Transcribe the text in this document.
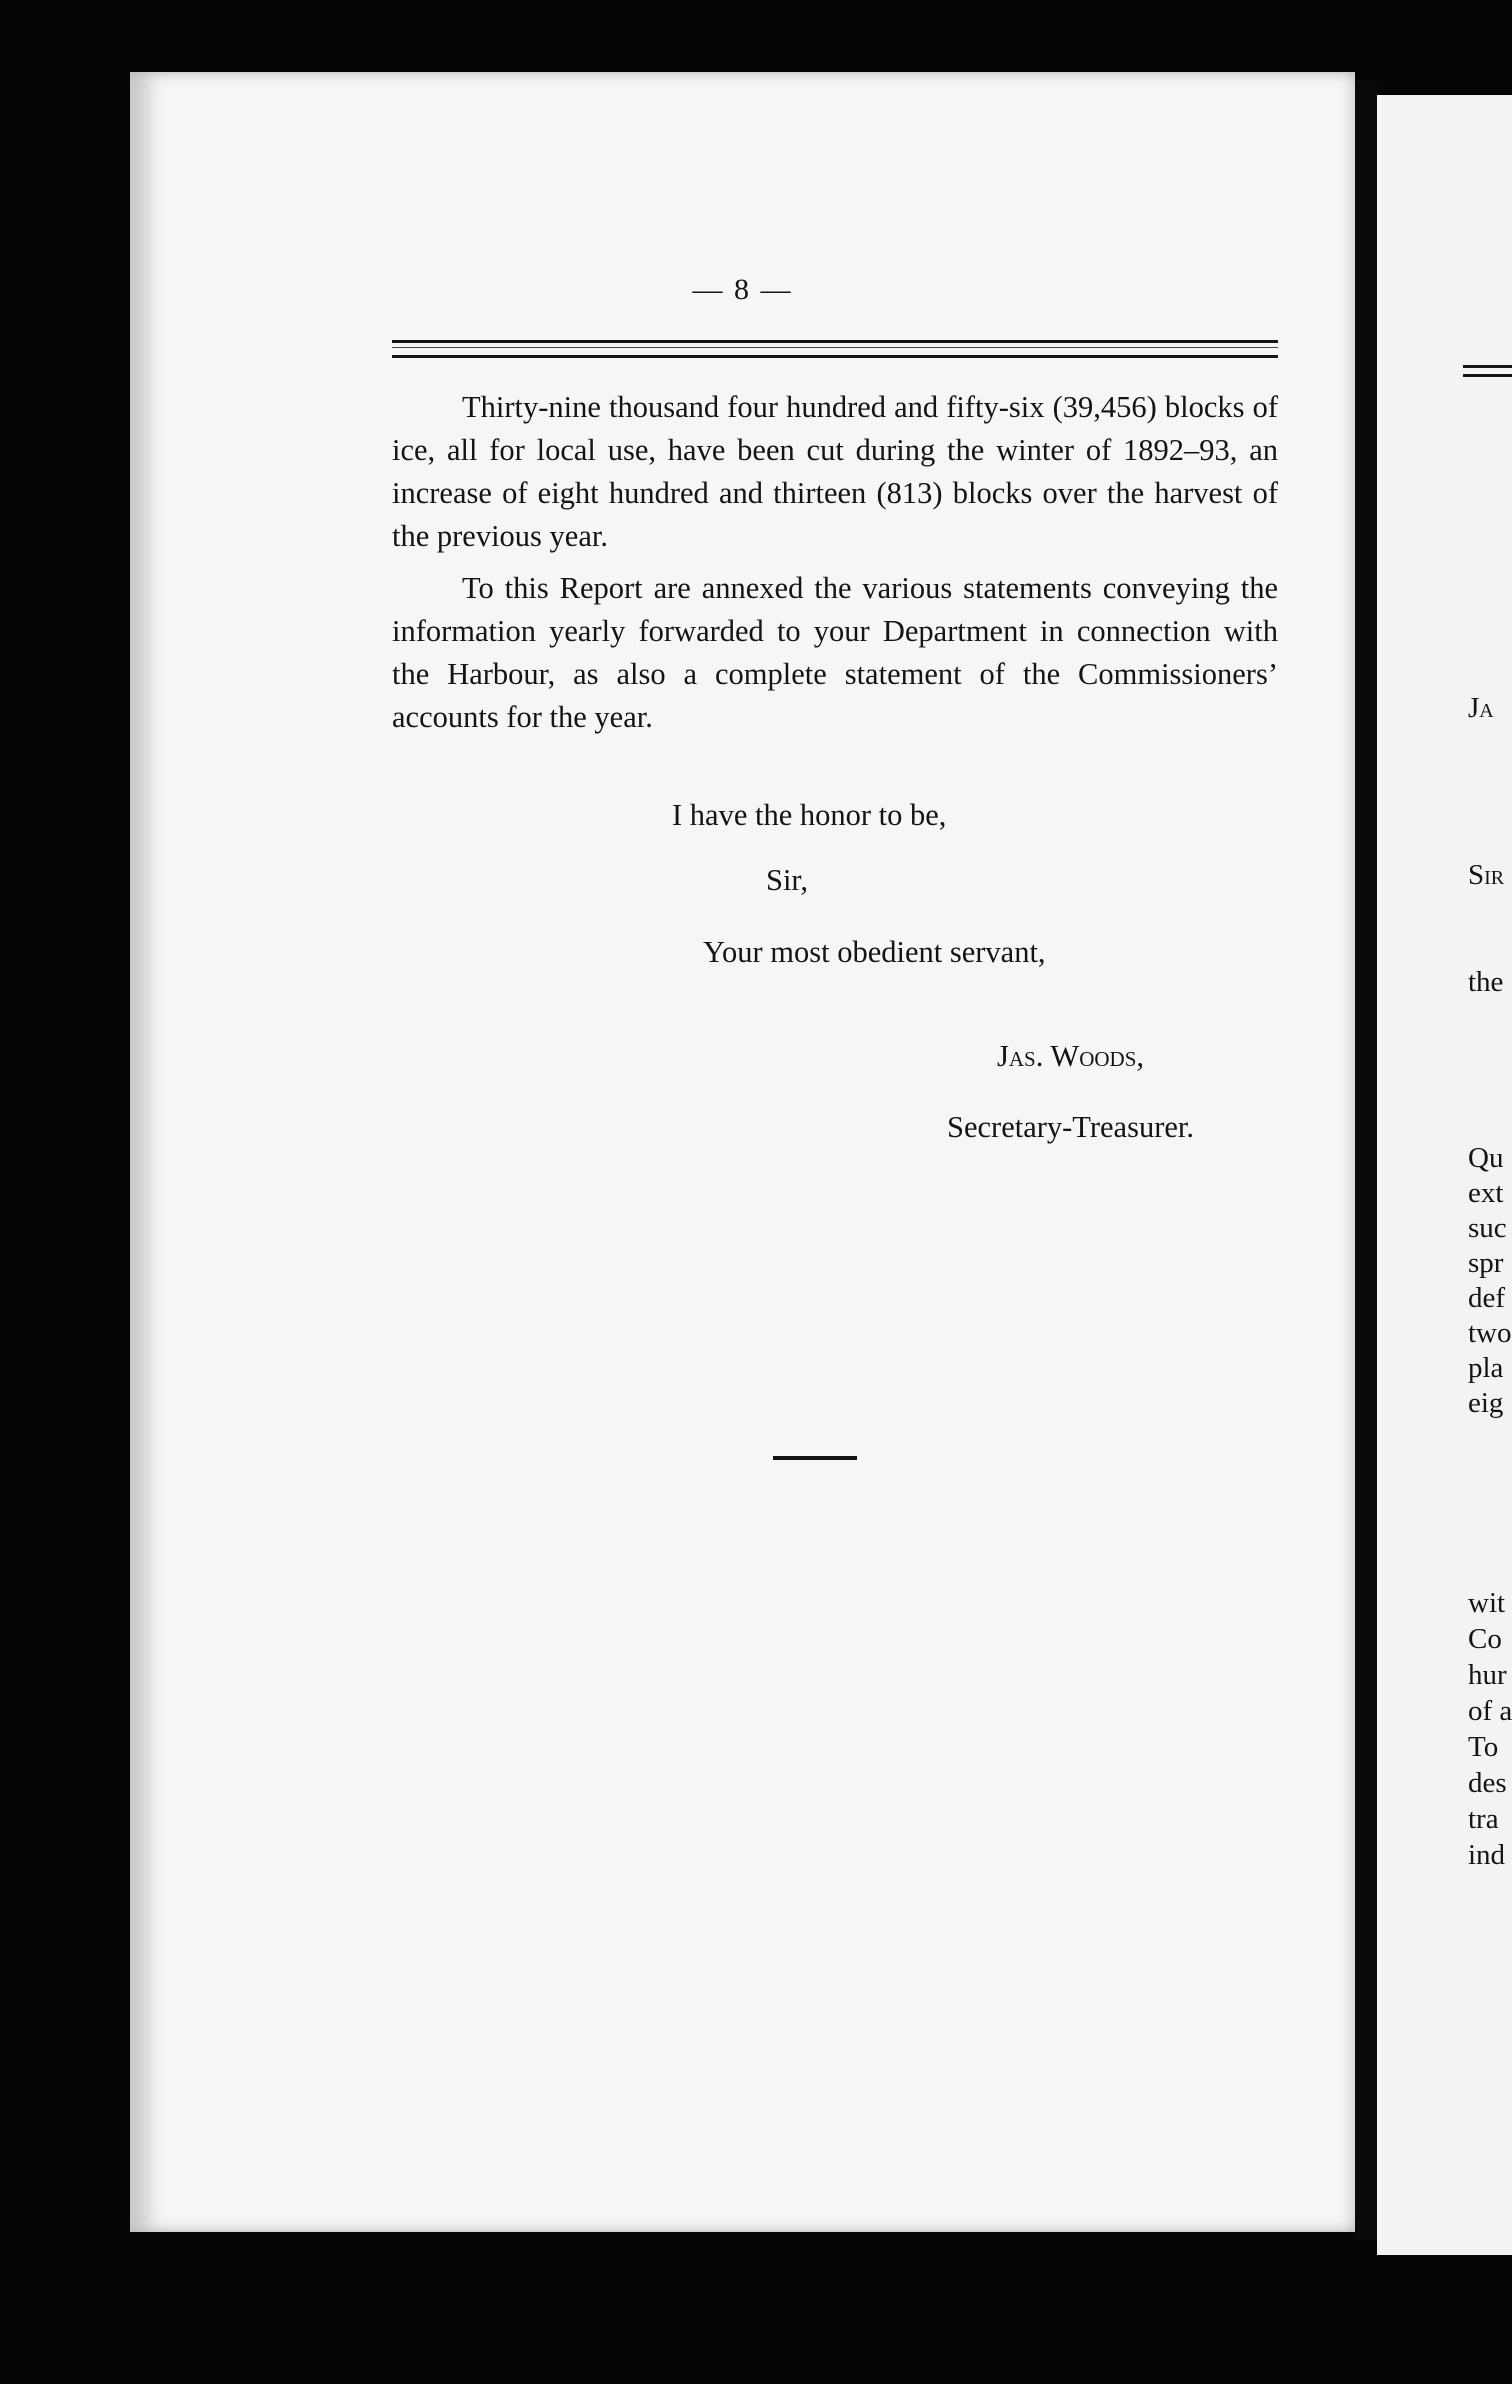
— 8 —

Thirty-nine thousand four hundred and fifty-six (39,456) blocks of ice, all for local use, have been cut during the winter of 1892–93, an increase of eight hundred and thirteen (813) blocks over the harvest of the previous year.

To this Report are annexed the various statements conveying the information yearly forwarded to your Department in connection with the Harbour, as also a complete statement of the Commissioners’ accounts for the year.

I have the honor to be,
Sir,
Your most obedient servant,
Jas. Woods,
Secretary-Treasurer.
Ja
Sir
the
Qu
ext
suc
spr
def
two
pla
eig
wit
Co
hur
of a
To
des
tra
ind
